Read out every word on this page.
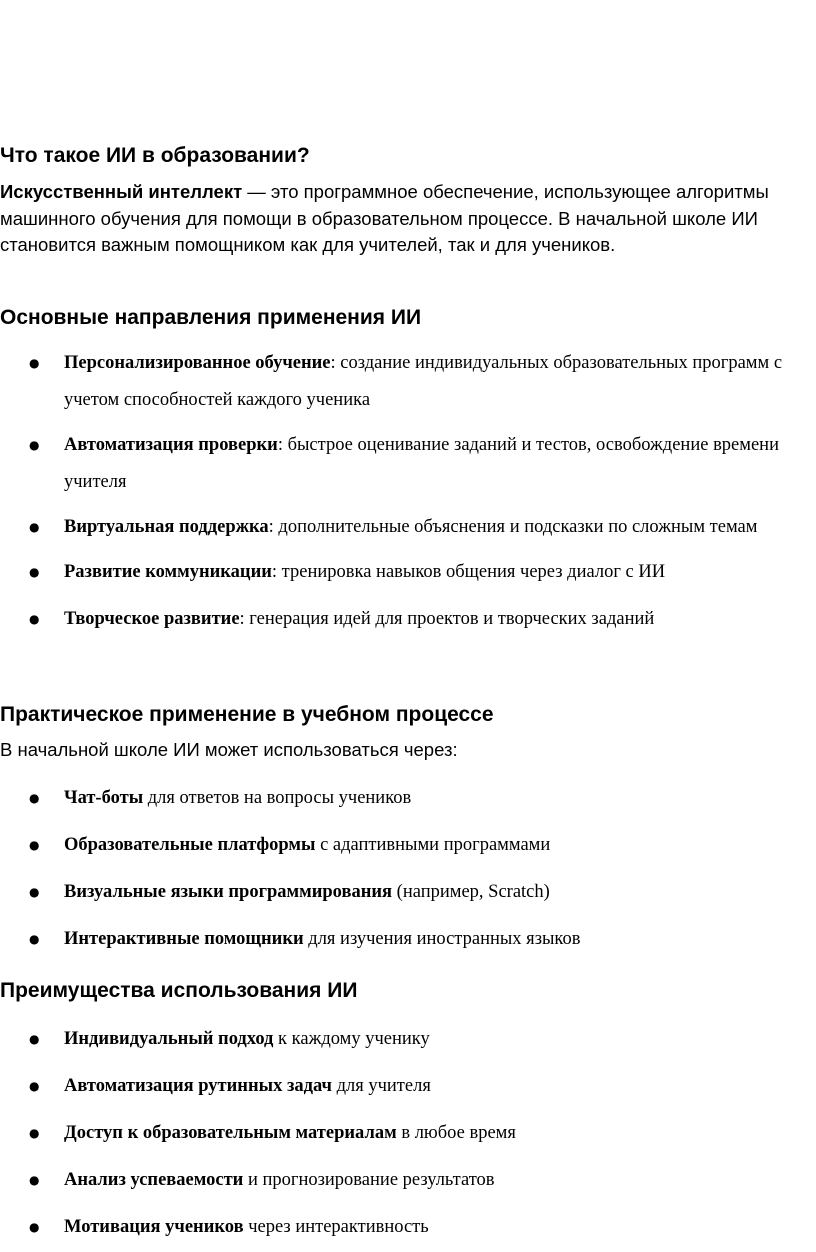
Что такое ИИ в образовании?

Искусственный интеллект — это программное обеспечение, использующее алгоритмы машинного обучения для помощи в образовательном процессе. В начальной школе ИИ становится важным помощником как для учителей, так и для учеников.

Основные направления применения ИИ
● Персонализированное обучение: создание индивидуальных образовательных программ с учетом способностей каждого ученика
● Автоматизация проверки: быстрое оценивание заданий и тестов, освобождение времени учителя
● Виртуальная поддержка: дополнительные объяснения и подсказки по сложным темам
● Развитие коммуникации: тренировка навыков общения через диалог с ИИ
● Творческое развитие: генерация идей для проектов и творческих заданий
Практическое применение в учебном процессе

В начальной школе ИИ может использоваться через:

● Чат-боты для ответов на вопросы учеников
● Образовательные платформы с адаптивными программами
● Визуальные языки программирования (например, Scratch)
● Интерактивные помощники для изучения иностранных языков
Преимущества использования ИИ
● Индивидуальный подход к каждому ученику
● Автоматизация рутинных задач для учителя
● Доступ к образовательным материалам в любое время
● Анализ успеваемости и прогнозирование результатов
● Мотивация учеников через интерактивность
